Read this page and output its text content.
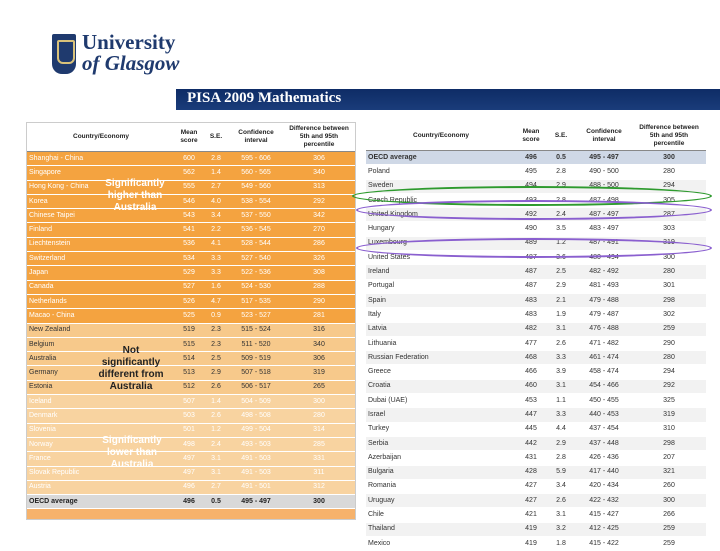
University
of Glasgow
PISA 2009 Mathematics
Country/Economy	Mean score	S.E.	Confidence interval	Difference between 5th and 95th percentile
Shanghai - China	600	2.8	595 - 606	306
Singapore	562	1.4	560 - 565	340
Hong Kong - China	555	2.7	549 - 560	313
Korea	546	4.0	538 - 554	292
Chinese Taipei	543	3.4	537 - 550	342
Finland	541	2.2	536 - 545	270
Liechtenstein	536	4.1	528 - 544	286
Switzerland	534	3.3	527 - 540	326
Japan	529	3.3	522 - 536	308
Canada	527	1.6	524 - 530	288
Netherlands	526	4.7	517 - 535	290
Macao - China	525	0.9	523 - 527	281
New Zealand	519	2.3	515 - 524	316
Belgium	515	2.3	511 - 520	340
Australia	514	2.5	509 - 519	306
Germany	513	2.9	507 - 518	319
Estonia	512	2.6	506 - 517	265
Iceland	507	1.4	504 - 509	300
Denmark	503	2.6	498 - 508	280
Slovenia	501	1.2	499 - 504	314
Norway	498	2.4	493 - 503	285
France	497	3.1	491 - 503	331
Slovak Republic	497	3.1	491 - 503	311
Austria	496	2.7	491 - 501	312
OECD average	496	0.5	495 - 497	300
Significantly higher than Australia
Not significantly different from Australia
Significantly lower than Australia
Country/Economy	Mean score	S.E.	Confidence interval	Difference between 5th and 95th percentile
OECD average	496	0.5	495 - 497	300
Poland	495	2.8	490 - 500	280
Sweden	494	2.9	488 - 500	294
Czech Republic	493	2.8	487 - 498	305
United Kingdom	492	2.4	487 - 497	287
Hungary	490	3.5	483 - 497	303
Luxembourg	489	1.2	487 - 491	319
United States	487	3.6	480 - 494	300
Ireland	487	2.5	482 - 492	280
Portugal	487	2.9	481 - 493	301
Spain	483	2.1	479 - 488	298
Italy	483	1.9	479 - 487	302
Latvia	482	3.1	476 - 488	259
Lithuania	477	2.6	471 - 482	290
Russian Federation	468	3.3	461 - 474	280
Greece	466	3.9	458 - 474	294
Croatia	460	3.1	454 - 466	292
Dubai (UAE)	453	1.1	450 - 455	325
Israel	447	3.3	440 - 453	319
Turkey	445	4.4	437 - 454	310
Serbia	442	2.9	437 - 448	298
Azerbaijan	431	2.8	426 - 436	207
Bulgaria	428	5.9	417 - 440	321
Romania	427	3.4	420 - 434	260
Uruguay	427	2.6	422 - 432	300
Chile	421	3.1	415 - 427	266
Thailand	419	3.2	412 - 425	259
Mexico	419	1.8	415 - 422	259
